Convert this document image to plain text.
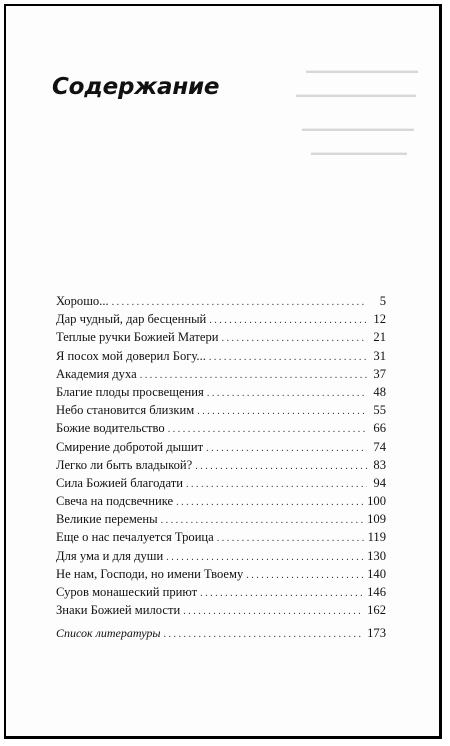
Содержание
▬▬▬▬▬▬▬▬▬▬▬▬▬▬
▬▬▬▬▬▬▬▬▬▬▬▬▬▬▬
▬▬▬▬▬▬▬▬▬▬▬▬▬▬
▬▬▬▬▬▬▬▬▬▬▬▬
Хорошо... . . .	5
Дар чудный, дар бесценный . . .	12
Теплые ручки Божией Матери . . .	21
Я посох мой доверил Богу... . . .	31
Академия духа . . .	37
Благие плоды просвещения . . .	48
Небо становится близким . . .	55
Божие водительство . . .	66
Смирение добротой дышит . . .	74
Легко ли быть владыкой? . . .	83
Сила Божией благодати . . .	94
Свеча на подсвечнике . . .	100
Великие перемены . . .	109
Еще о нас печалуется Троица . . .	119
Для ума и для души . . .	130
Не нам, Господи, но имени Твоему . . .	140
Суров монашеский приют . . .	146
Знаки Божией милости . . .	162
Список литературы . . .	173
